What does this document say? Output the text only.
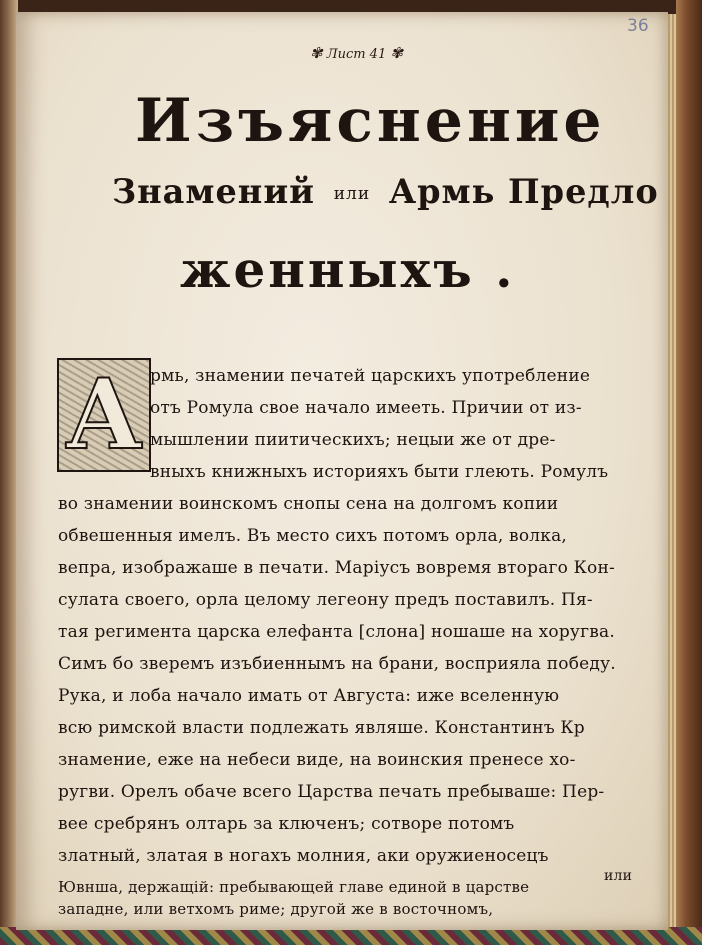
36
✾ Лист 41 ✾
Изъяснение
Знамений или Армь Предло
женныхъ .
А рмь, знамении печатей царскихъ употребление
отъ Ромула свое начало имееть. Причии от из-
мышлении пиитическихъ; нецыи же от дре-
вныхъ книжныхъ историяхъ быти глеють. Ромулъ
во знамении воинскомъ снопы сена на долгомъ копии
обвешенныя имелъ. Въ место сихъ потомъ орла, волка,
вепра, изображаше в печати. Марiусъ вовремя втораго Кон-
сулата своего, орла целому легеону предъ поставилъ. Пя-
тая регимента царска елефанта [слона] ношаше на хоругва.
Симъ бо зверемъ изъбиеннымъ на брани, восприяла победу.
Рука, и лоба начало имать от Августа: иже вселенную
всю римской власти подлежать являше. Константинъ Кр
знамение, еже на небеси виде, на воинския пренесе хо-
ругви. Орелъ обаче всего Царства печать пребываше: Пер-
вее сребрянъ олтарь за ключенъ; сотворе потомъ
златный, златая в ногахъ молния, аки оружиеносецъ
Ювнша, держащiй: пребывающей главе единой в царстве
западне, или ветхомъ риме; другой же в восточномъ,
или
